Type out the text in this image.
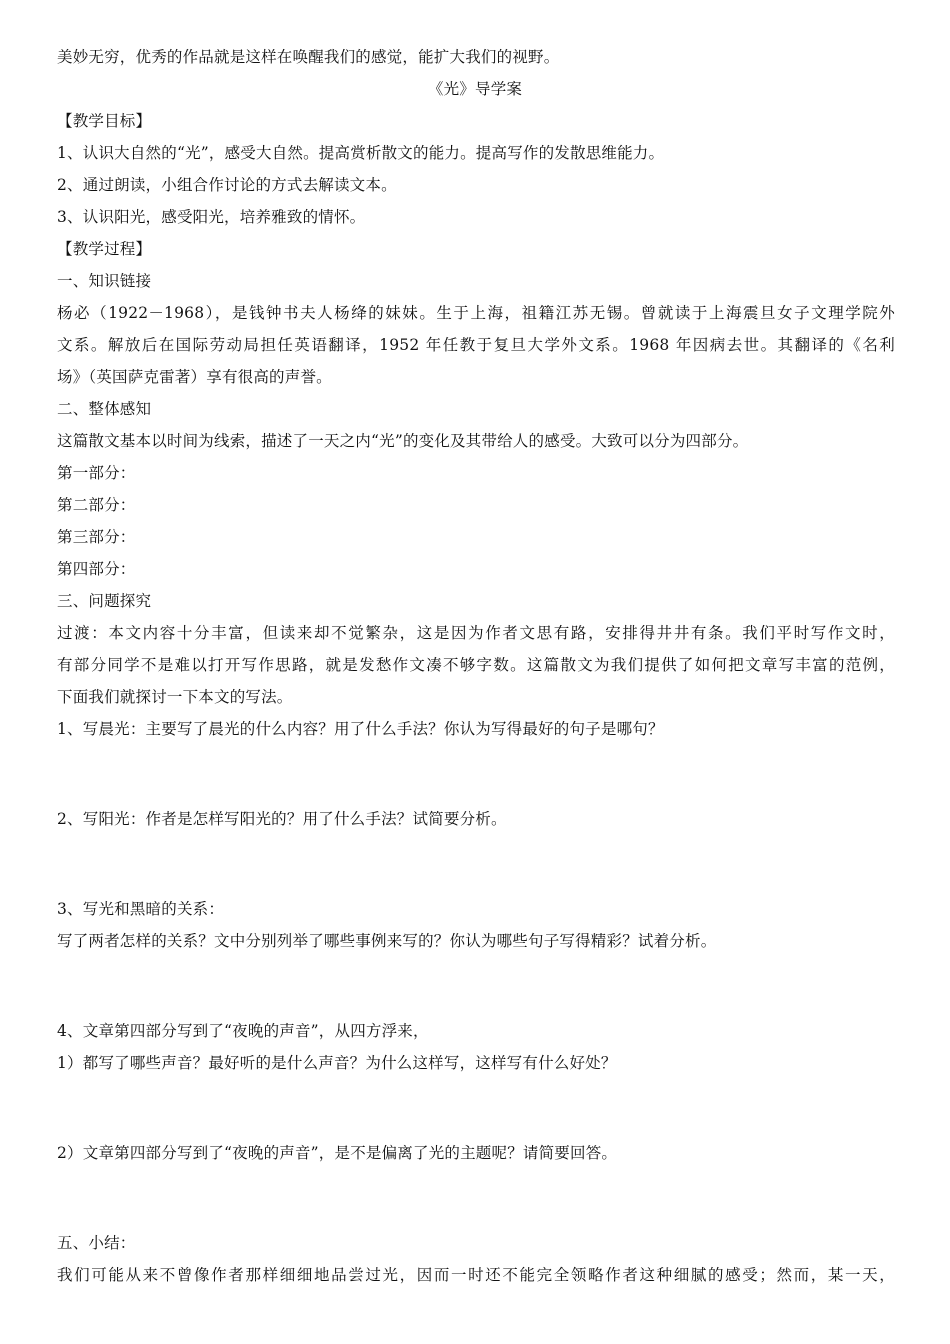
美妙无穷，优秀的作品就是这样在唤醒我们的感觉，能扩大我们的视野。
《光》导学案
【教学目标】
1、认识大自然的“光”，感受大自然。提高赏析散文的能力。提高写作的发散思维能力。
2、通过朗读，小组合作讨论的方式去解读文本。
3、认识阳光，感受阳光，培养雅致的情怀。
【教学过程】
一、知识链接
杨必（1922－1968），是钱钟书夫人杨绛的妹妹。生于上海，祖籍江苏无锡。曾就读于上海震旦女子文理学院外
文系。解放后在国际劳动局担任英语翻译，1952 年任教于复旦大学外文系。1968 年因病去世。其翻译的《名利
场》（英国萨克雷著）享有很高的声誉。
二、整体感知
这篇散文基本以时间为线索，描述了一天之内“光”的变化及其带给人的感受。大致可以分为四部分。
第一部分：
第二部分：
第三部分：
第四部分：
三、问题探究
过渡：本文内容十分丰富，但读来却不觉繁杂，这是因为作者文思有路，安排得井井有条。我们平时写作文时，
有部分同学不是难以打开写作思路，就是发愁作文凑不够字数。这篇散文为我们提供了如何把文章写丰富的范例，
下面我们就探讨一下本文的写法。
1、写晨光：主要写了晨光的什么内容？用了什么手法？你认为写得最好的句子是哪句？
2、写阳光：作者是怎样写阳光的？用了什么手法？试简要分析。
3、写光和黑暗的关系：
写了两者怎样的关系？文中分别列举了哪些事例来写的？你认为哪些句子写得精彩？试着分析。
4、文章第四部分写到了“夜晚的声音”，从四方浮来，
1）都写了哪些声音？最好听的是什么声音？为什么这样写，这样写有什么好处？
2）文章第四部分写到了“夜晚的声音”，是不是偏离了光的主题呢？请简要回答。
五、小结：
我们可能从来不曾像作者那样细细地品尝过光，因而一时还不能完全领略作者这种细腻的感受；然而，某一天，
